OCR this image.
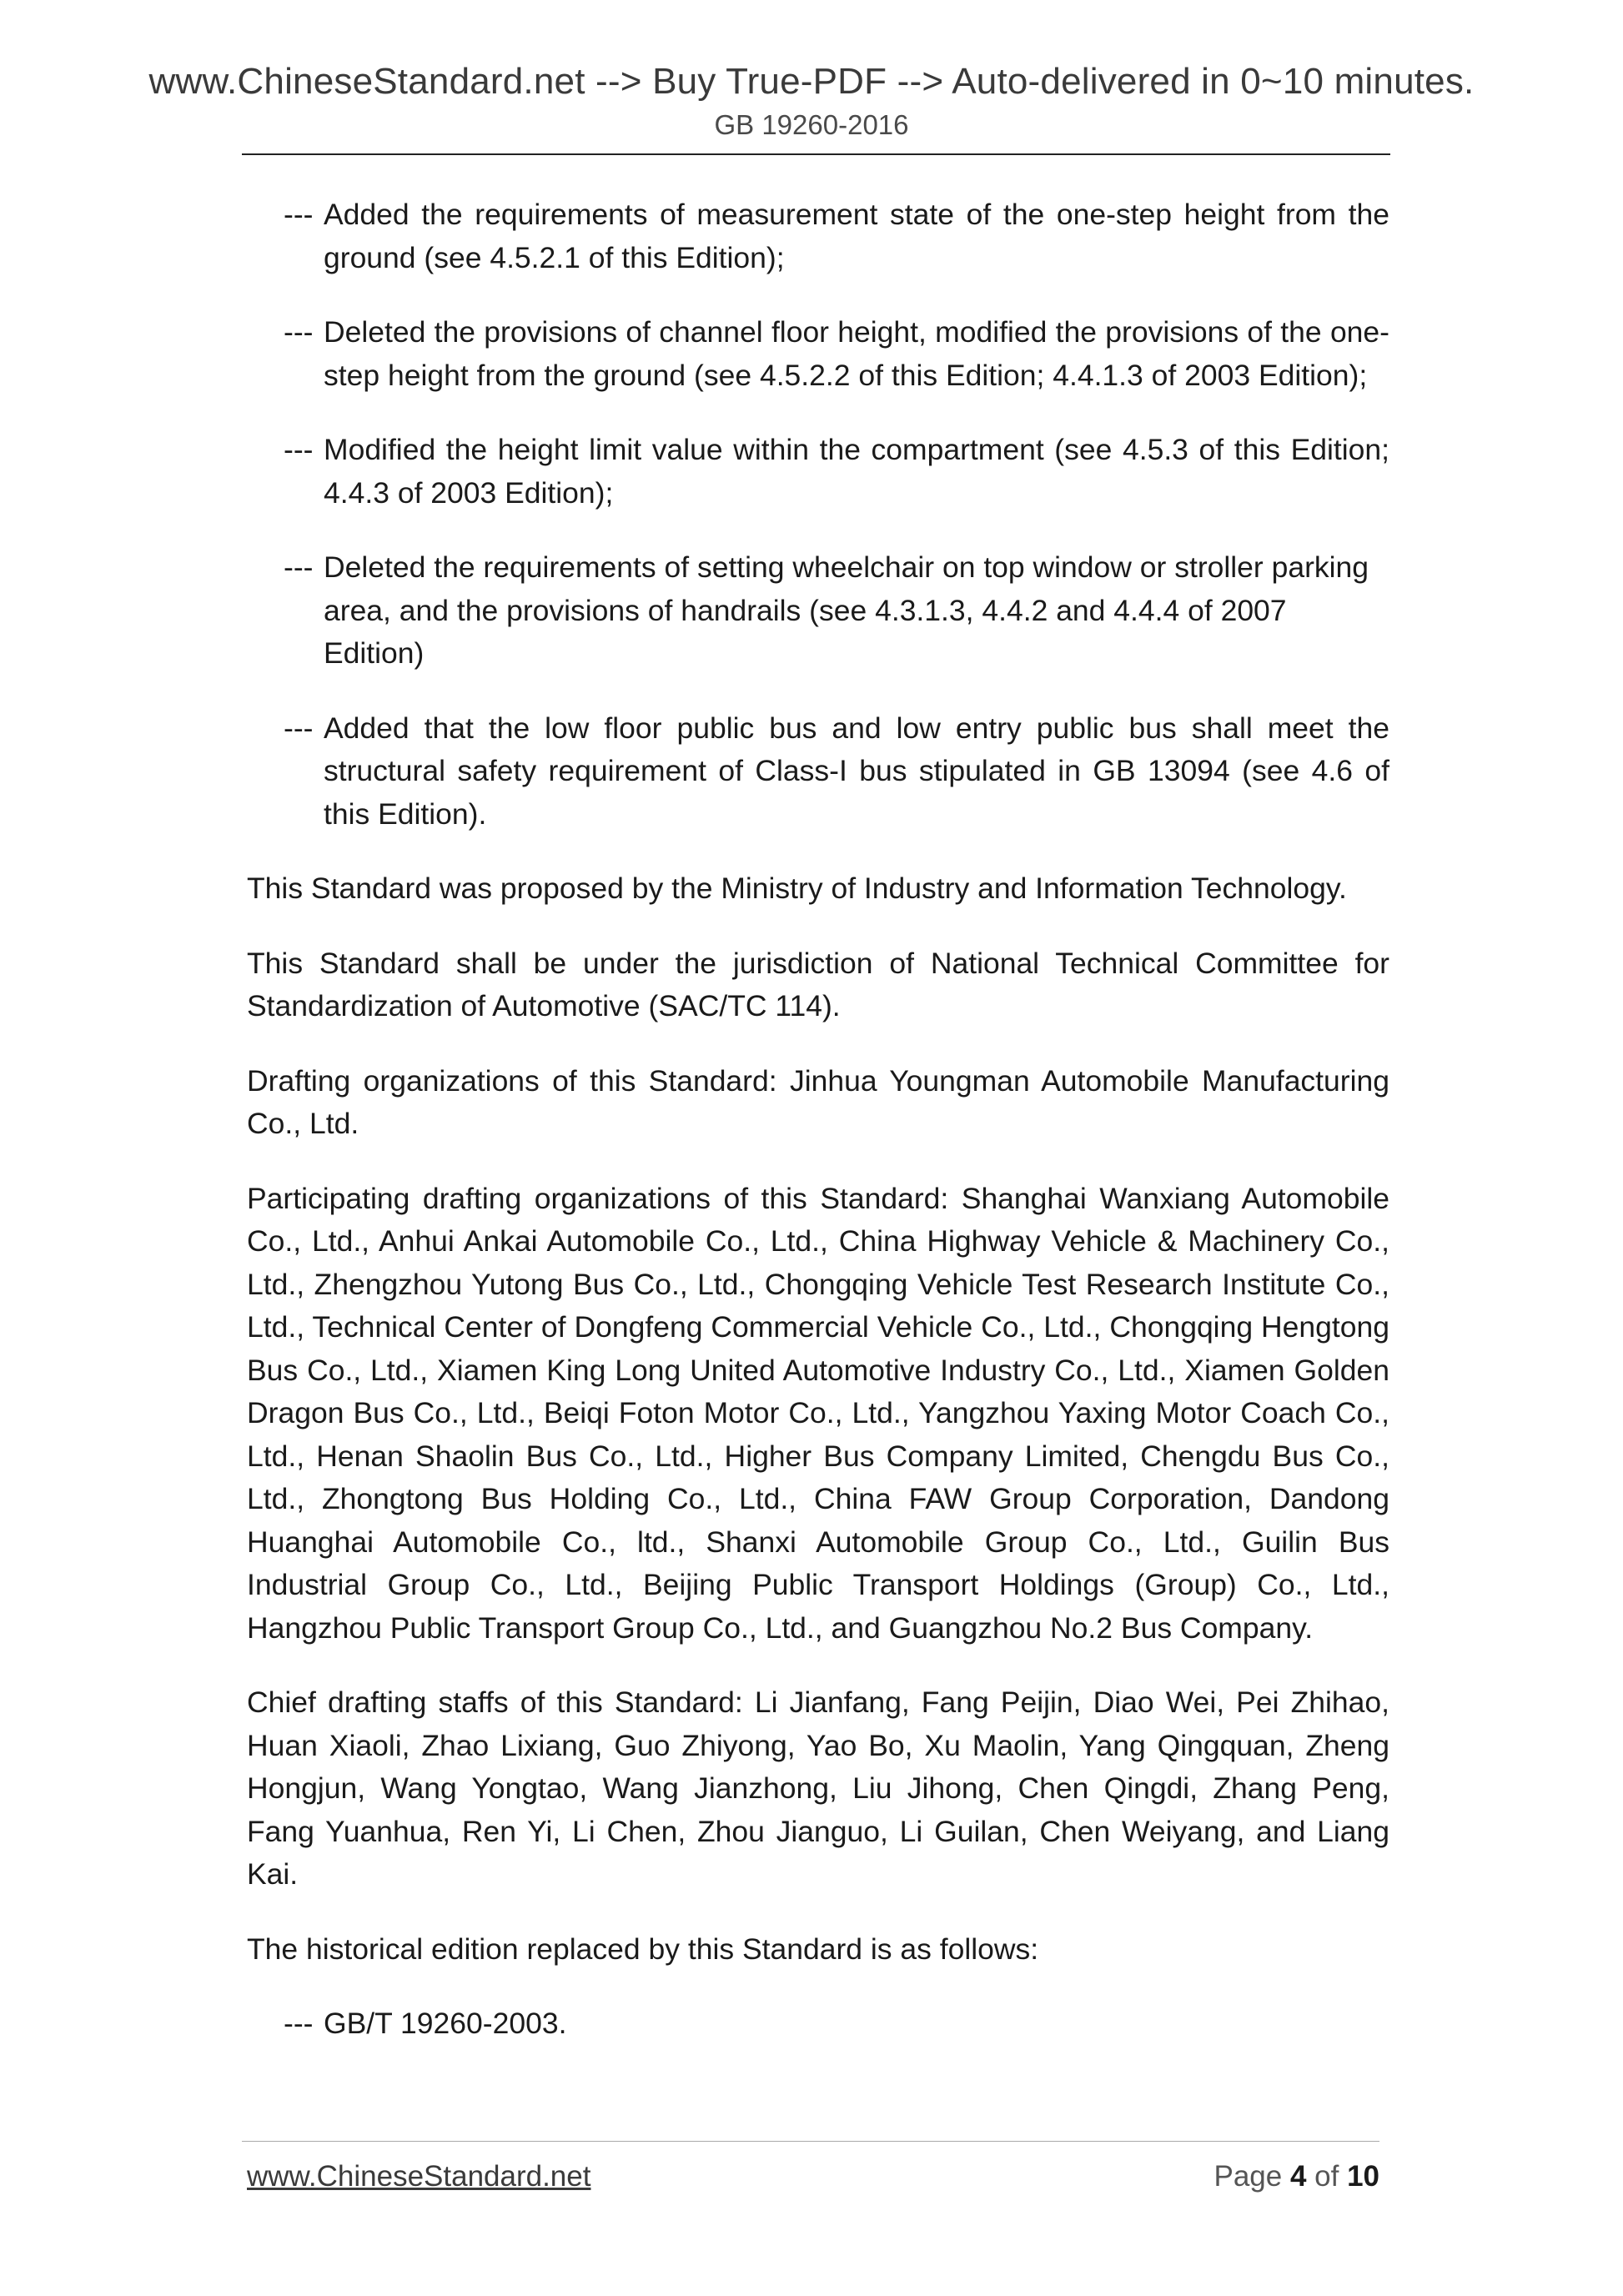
www.ChineseStandard.net --> Buy True-PDF --> Auto-delivered in 0~10 minutes.
GB 19260-2016
--- Added the requirements of measurement state of the one-step height from the ground (see 4.5.2.1 of this Edition);
--- Deleted the provisions of channel floor height, modified the provisions of the one-step height from the ground (see 4.5.2.2 of this Edition; 4.4.1.3 of 2003 Edition);
--- Modified the height limit value within the compartment (see 4.5.3 of this Edition; 4.4.3 of 2003 Edition);
--- Deleted the requirements of setting wheelchair on top window or stroller parking area, and the provisions of handrails (see 4.3.1.3, 4.4.2 and 4.4.4 of 2007 Edition)
--- Added that the low floor public bus and low entry public bus shall meet the structural safety requirement of Class-I bus stipulated in GB 13094 (see 4.6 of this Edition).

This Standard was proposed by the Ministry of Industry and Information Technology.

This Standard shall be under the jurisdiction of National Technical Committee for Standardization of Automotive (SAC/TC 114).

Drafting organizations of this Standard: Jinhua Youngman Automobile Manufacturing Co., Ltd.

Participating drafting organizations of this Standard: Shanghai Wanxiang Automobile Co., Ltd., Anhui Ankai Automobile Co., Ltd., China Highway Vehicle & Machinery Co., Ltd., Zhengzhou Yutong Bus Co., Ltd., Chongqing Vehicle Test Research Institute Co., Ltd., Technical Center of Dongfeng Commercial Vehicle Co., Ltd., Chongqing Hengtong Bus Co., Ltd., Xiamen King Long United Automotive Industry Co., Ltd., Xiamen Golden Dragon Bus Co., Ltd., Beiqi Foton Motor Co., Ltd., Yangzhou Yaxing Motor Coach Co., Ltd., Henan Shaolin Bus Co., Ltd., Higher Bus Company Limited, Chengdu Bus Co., Ltd., Zhongtong Bus Holding Co., Ltd., China FAW Group Corporation, Dandong Huanghai Automobile Co., ltd., Shanxi Automobile Group Co., Ltd., Guilin Bus Industrial Group Co., Ltd., Beijing Public Transport Holdings (Group) Co., Ltd., Hangzhou Public Transport Group Co., Ltd., and Guangzhou No.2 Bus Company.

Chief drafting staffs of this Standard: Li Jianfang, Fang Peijin, Diao Wei, Pei Zhihao, Huan Xiaoli, Zhao Lixiang, Guo Zhiyong, Yao Bo, Xu Maolin, Yang Qingquan, Zheng Hongjun, Wang Yongtao, Wang Jianzhong, Liu Jihong, Chen Qingdi, Zhang Peng, Fang Yuanhua, Ren Yi, Li Chen, Zhou Jianguo, Li Guilan, Chen Weiyang, and Liang Kai.

The historical edition replaced by this Standard is as follows:

--- GB/T 19260-2003.
www.ChineseStandard.net	Page 4 of 10
